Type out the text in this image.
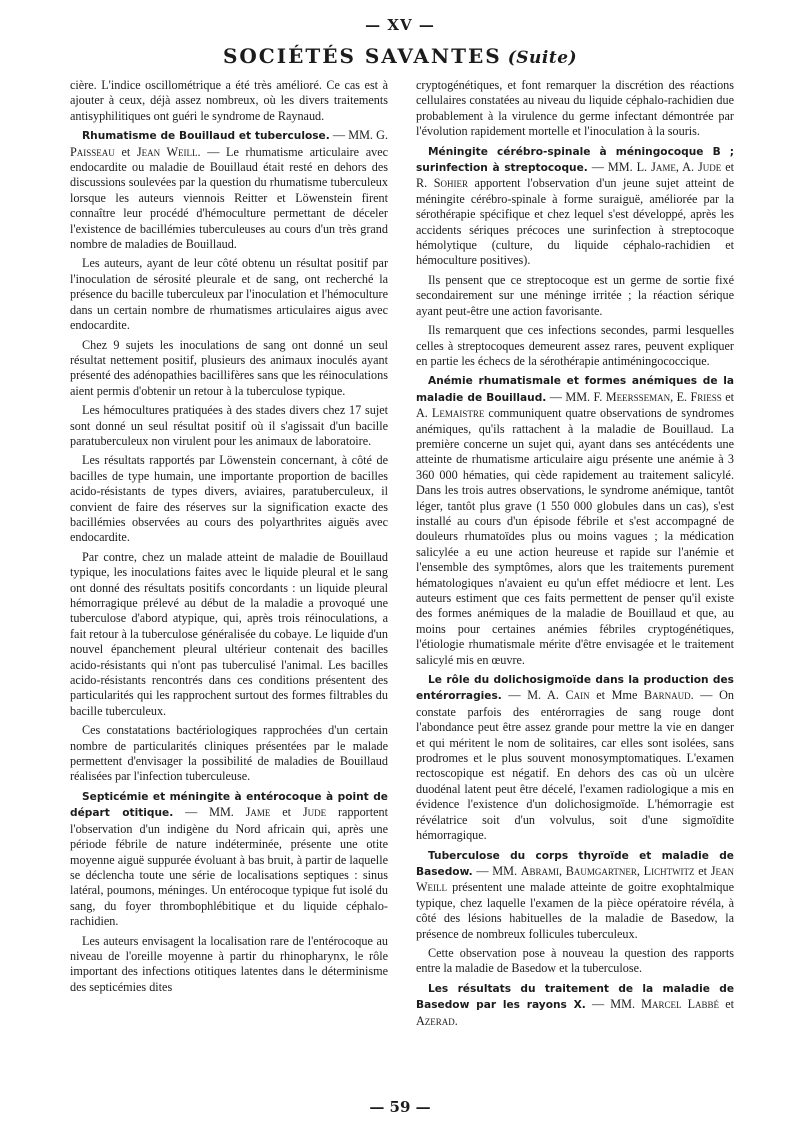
— XV —
SOCIÉTÉS SAVANTES (Suite)

cière. L'indice oscillométrique a été très amélioré. Ce cas est à ajouter à ceux, déjà assez nombreux, où les divers traitements antisyphilitiques ont guéri le syndrome de Raynaud.

Rhumatisme de Bouillaud et tuberculose. — MM. G. Paisseau et Jean Weill. — Le rhumatisme articulaire avec endocardite ou maladie de Bouillaud était resté en dehors des discussions soulevées par la question du rhumatisme tuberculeux lorsque les auteurs viennois Reitter et Löwenstein firent connaître leur procédé d'hémoculture permettant de déceler l'existence de bacillémies tuberculeuses au cours d'un très grand nombre de maladies de Bouillaud.

Les auteurs, ayant de leur côté obtenu un résultat positif par l'inoculation de sérosité pleurale et de sang, ont recherché la présence du bacille tuberculeux par l'inoculation et l'hémoculture dans un certain nombre de rhumatismes articulaires aigus avec endocardite.

Chez 9 sujets les inoculations de sang ont donné un seul résultat nettement positif, plusieurs des animaux inoculés ayant présenté des adénopathies bacillifères sans que les réinoculations aient permis d'obtenir un retour à la tuberculose typique.

Les hémocultures pratiquées à des stades divers chez 17 sujet sont donné un seul résultat positif où il s'agissait d'un bacille paratuberculeux non virulent pour les animaux de laboratoire.

Les résultats rapportés par Löwenstein concernant, à côté de bacilles de type humain, une importante proportion de bacilles acido-résistants de types divers, aviaires, paratuberculeux, il convient de faire des réserves sur la signification exacte des bacillémies observées au cours des polyarthrites aiguës avec endocardite.

Par contre, chez un malade atteint de maladie de Bouillaud typique, les inoculations faites avec le liquide pleural et le sang ont donné des résultats positifs concordants : un liquide pleural hémorragique prélevé au début de la maladie a provoqué une tuberculose d'abord atypique, qui, après trois réinoculations, a fait retour à la tuberculose généralisée du cobaye. Le liquide d'un nouvel épanchement pleural ultérieur contenait des bacilles acido-résistants qui n'ont pas tuberculisé l'animal. Les bacilles acido-résistants rencontrés dans ces conditions présentent des particularités qui les rapprochent surtout des formes filtrables du bacille tuberculeux.

Ces constatations bactériologiques rapprochées d'un certain nombre de particularités cliniques présentées par le malade permettent d'envisager la possibilité de maladies de Bouillaud réalisées par l'infection tuberculeuse.

Septicémie et méningite à entérocoque à point de départ otitique. — MM. Jame et Jude rapportent l'observation d'un indigène du Nord africain qui, après une période fébrile de nature indéterminée, présente une otite moyenne aiguë suppurée évoluant à bas bruit, à partir de laquelle se déclencha toute une série de localisations septiques : sinus latéral, poumons, méninges. Un entérocoque typique fut isolé du sang, du foyer thrombophlébitique et du liquide céphalo-rachidien.

Les auteurs envisagent la localisation rare de l'entérocoque au niveau de l'oreille moyenne à partir du rhinopharynx, le rôle important des infections otitiques latentes dans le déterminisme des septicémies dites

cryptogénétiques, et font remarquer la discrétion des réactions cellulaires constatées au niveau du liquide céphalo-rachidien due probablement à la virulence du germe infectant démontrée par l'évolution rapidement mortelle et l'inoculation à la souris.

Méningite cérébro-spinale à méningocoque B ; surinfection à streptocoque. — MM. L. Jame, A. Jude et R. Sohier apportent l'observation d'un jeune sujet atteint de méningite cérébro-spinale à forme suraiguë, améliorée par la sérothérapie spécifique et chez lequel s'est développé, après les accidents sériques précoces une surinfection à streptocoque hémolytique (culture, du liquide céphalo-rachidien et hémoculture positives).

Ils pensent que ce streptocoque est un germe de sortie fixé secondairement sur une méninge irritée ; la réaction sérique ayant peut-être une action favorisante.

Ils remarquent que ces infections secondes, parmi lesquelles celles à streptocoques demeurent assez rares, peuvent expliquer en partie les échecs de la sérothérapie antiméningococcique.

Anémie rhumatismale et formes anémiques de la maladie de Bouillaud. — MM. F. Meersseman, E. Friess et A. Lemaistre communiquent quatre observations de syndromes anémiques, qu'ils rattachent à la maladie de Bouillaud. La première concerne un sujet qui, ayant dans ses antécédents une atteinte de rhumatisme articulaire aigu présente une anémie à 3 360 000 hématies, qui cède rapidement au traitement salicylé. Dans les trois autres observations, le syndrome anémique, tantôt léger, tantôt plus grave (1 550 000 globules dans un cas), s'est installé au cours d'un épisode fébrile et s'est accompagné de douleurs rhumatoïdes plus ou moins vagues ; la médication salicylée a eu une action heureuse et rapide sur l'anémie et l'ensemble des symptômes, alors que les traitements purement hématologiques n'avaient eu qu'un effet médiocre et lent. Les auteurs estiment que ces faits permettent de penser qu'il existe des formes anémiques de la maladie de Bouillaud et que, au moins pour certaines anémies fébriles cryptogénétiques, l'étiologie rhumatismale mérite d'être envisagée et le traitement salicylé mis en œuvre.

Le rôle du dolichosigmoïde dans la production des entérorragies. — M. A. Cain et Mme Barnaud. — On constate parfois des entérorragies de sang rouge dont l'abondance peut être assez grande pour mettre la vie en danger et qui méritent le nom de solitaires, car elles sont isolées, sans prodromes et le plus souvent monosymptomatiques. L'examen rectoscopique est négatif. En dehors des cas où un ulcère duodénal latent peut être décelé, l'examen radiologique a mis en évidence l'existence d'un dolichosigmoïde. L'hémorragie est révélatrice soit d'un volvulus, soit d'une sigmoïdite hémorragique.

Tuberculose du corps thyroïde et maladie de Basedow. — MM. Abrami, Baumgartner, Lichtwitz et Jean Weill présentent une malade atteinte de goitre exophtalmique typique, chez laquelle l'examen de la pièce opératoire révéla, à côté des lésions habituelles de la maladie de Basedow, la présence de nombreux follicules tuberculeux.

Cette observation pose à nouveau la question des rapports entre la maladie de Basedow et la tuberculose.

Les résultats du traitement de la maladie de Basedow par les rayons X. — MM. Marcel Labbé et Azerad.

— 59 —
